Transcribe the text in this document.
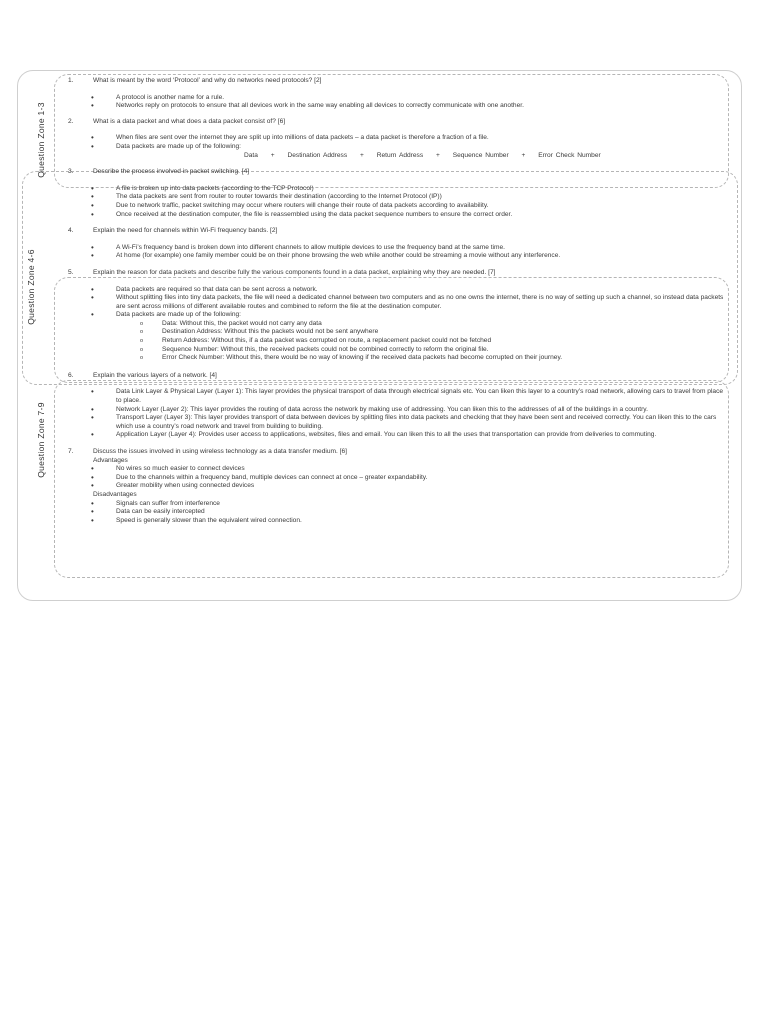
Question Zone 1-3
Question Zone 4-6
Question Zone 7-9
1.	What is meant by the word ‘Protocol’ and why do networks need protocols? [2]
• A protocol is another name for a rule.
• Networks reply on protocols to ensure that all devices work in the same way enabling all devices to correctly communicate with one another.
2.	What is a data packet and what does a data packet consist of? [6]
• When files are sent over the internet they are split up into millions of data packets – a data packet is therefore a fraction of a file.
• Data packets are made up of the following:
Data + Destination Address + Return Address + Sequence Number + Error Check Number
3.	Describe the process involved in packet switching. [4]
• A file is broken up into data packets (according to the TCP Protocol)
• The data packets are sent from router to router towards their destination (according to the Internet Protocol (IP))
• Due to network traffic, packet switching may occur where routers will change their route of data packets according to availability.
• Once received at the destination computer, the file is reassembled using the data packet sequence numbers to ensure the correct order.
4.	Explain the need for channels within Wi-Fi frequency bands. [2]
• A Wi-Fi’s frequency band is broken down into different channels to allow multiple devices to use the frequency band at the same time.
• At home (for example) one family member could be on their phone browsing the web while another could be streaming a movie without any interference.
5.	Explain the reason for data packets and describe fully the various components found in a data packet, explaining why they are needed. [7]
• Data packets are required so that data can be sent across a network.
• Without splitting files into tiny data packets, the file will need a dedicated channel between two computers and as no one owns the internet, there is no way of setting up such a channel, so instead data packets are sent across millions of different available routes and combined to reform the file at the destination computer.
• Data packets are made up of the following:
o Data: Without this, the packet would not carry any data
o Destination Address: Without this the packets would not be sent anywhere
o Return Address: Without this, if a data packet was corrupted on route, a replacement packet could not be fetched
o Sequence Number: Without this, the received packets could not be combined correctly to reform the original file.
o Error Check Number: Without this, there would be no way of knowing if the received data packets had become corrupted on their journey.
6.	Explain the various layers of a network. [4]
• Data Link Layer & Physical Layer (Layer 1): This layer provides the physical transport of data through electrical signals etc. You can liken this layer to a country’s road network, allowing cars to travel from place to place.
• Network Layer (Layer 2): This layer provides the routing of data across the network by making use of addressing. You can liken this to the addresses of all of the buildings in a country.
• Transport Layer (Layer 3): This layer provides transport of data between devices by splitting files into data packets and checking that they have been sent and received correctly. You can liken this to the cars which use a country’s road network and travel from building to building.
• Application Layer (Layer 4): Provides user access to applications, websites, files and email. You can liken this to all the uses that transportation can provide from deliveries to commuting.
7.	Discuss the issues involved in using wireless technology as a data transfer medium. [6]
Advantages
• No wires so much easier to connect devices
• Due to the channels within a frequency band, multiple devices can connect at once – greater expandability.
• Greater mobility when using connected devices
Disadvantages
• Signals can suffer from interference
• Data can be easily intercepted
• Speed is generally slower than the equivalent wired connection.
